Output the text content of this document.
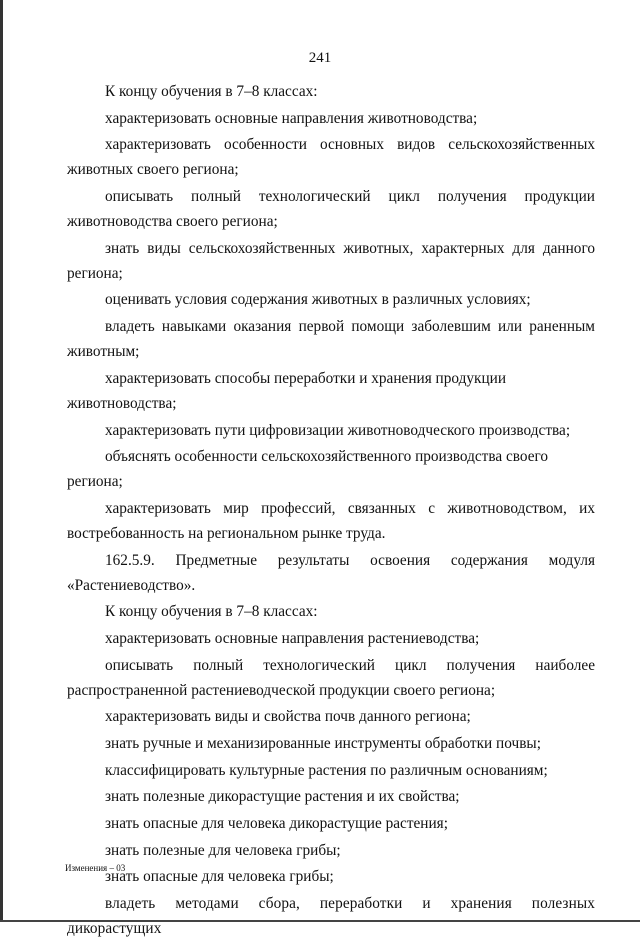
241

К концу обучения в 7–8 классах:

характеризовать основные направления животноводства;

характеризовать особенности основных видов сельскохозяйственных животных своего региона;

описывать полный технологический цикл получения продукции животноводства своего региона;

знать виды сельскохозяйственных животных, характерных для данного региона;

оценивать условия содержания животных в различных условиях;

владеть навыками оказания первой помощи заболевшим или раненным животным;

характеризовать способы переработки и хранения продукции животноводства;

характеризовать пути цифровизации животноводческого производства;

объяснять особенности сельскохозяйственного производства своего региона;

характеризовать мир профессий, связанных с животноводством, их востребованность на региональном рынке труда.

162.5.9. Предметные результаты освоения содержания модуля «Растениеводство».

К концу обучения в 7–8 классах:

характеризовать основные направления растениеводства;

описывать полный технологический цикл получения наиболее распространенной растениеводческой продукции своего региона;

характеризовать виды и свойства почв данного региона;

знать ручные и механизированные инструменты обработки почвы;

классифицировать культурные растения по различным основаниям;

знать полезные дикорастущие растения и их свойства;

знать опасные для человека дикорастущие растения;

знать полезные для человека грибы;

знать опасные для человека грибы;

владеть методами сбора, переработки и хранения полезных дикорастущих

Изменения – 03
